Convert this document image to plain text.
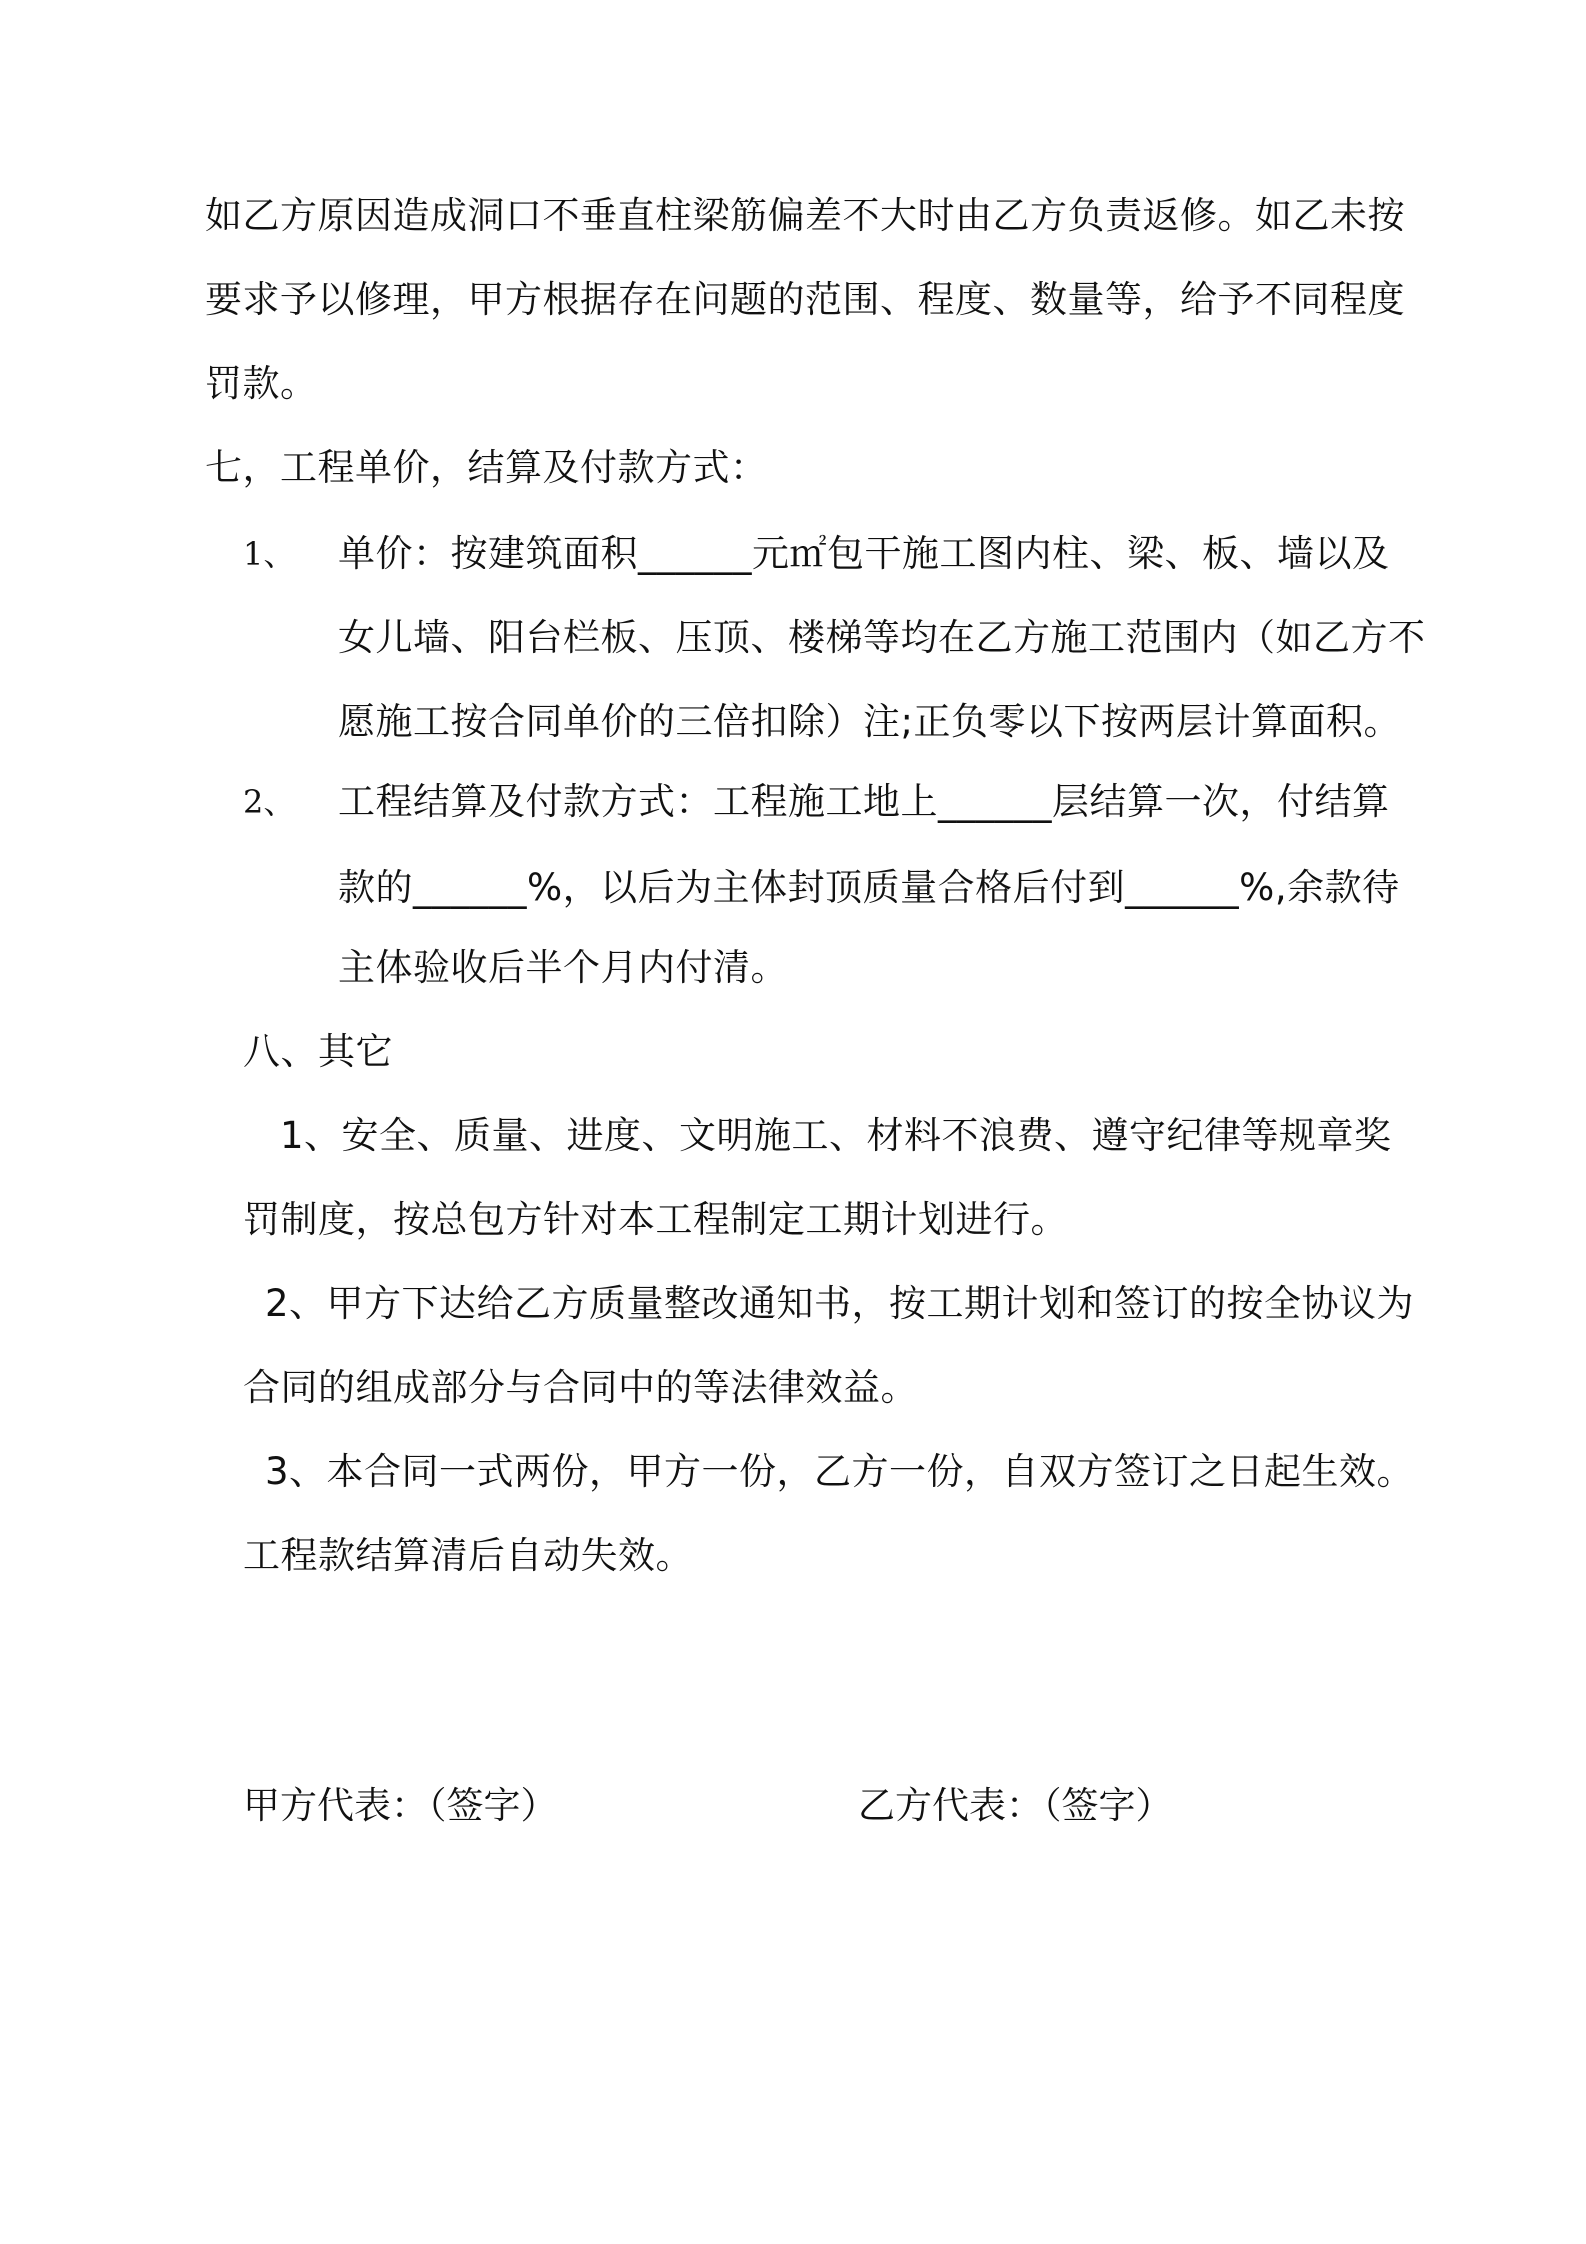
如乙方原因造成洞口不垂直柱梁筋偏差不大时由乙方负责返修。如乙未按
要求予以修理，甲方根据存在问题的范围、程度、数量等，给予不同程度
罚款。
七，工程单价，结算及付款方式：
1、 单价：按建筑面积______元㎡包干施工图内柱、梁、板、墙以及
女儿墙、阳台栏板、压顶、楼梯等均在乙方施工范围内（如乙方不
愿施工按合同单价的三倍扣除）注;正负零以下按两层计算面积。
2、 工程结算及付款方式：工程施工地上______层结算一次，付结算
款的______%，以后为主体封顶质量合格后付到______%,余款待
主体验收后半个月内付清。
八、其它
1、安全、质量、进度、文明施工、材料不浪费、遵守纪律等规章奖
罚制度，按总包方针对本工程制定工期计划进行。
2、甲方下达给乙方质量整改通知书，按工期计划和签订的按全协议为
合同的组成部分与合同中的等法律效益。
3、本合同一式两份，甲方一份，乙方一份，自双方签订之日起生效。
工程款结算清后自动失效。
甲方代表：（签字）	乙方代表：（签字）
